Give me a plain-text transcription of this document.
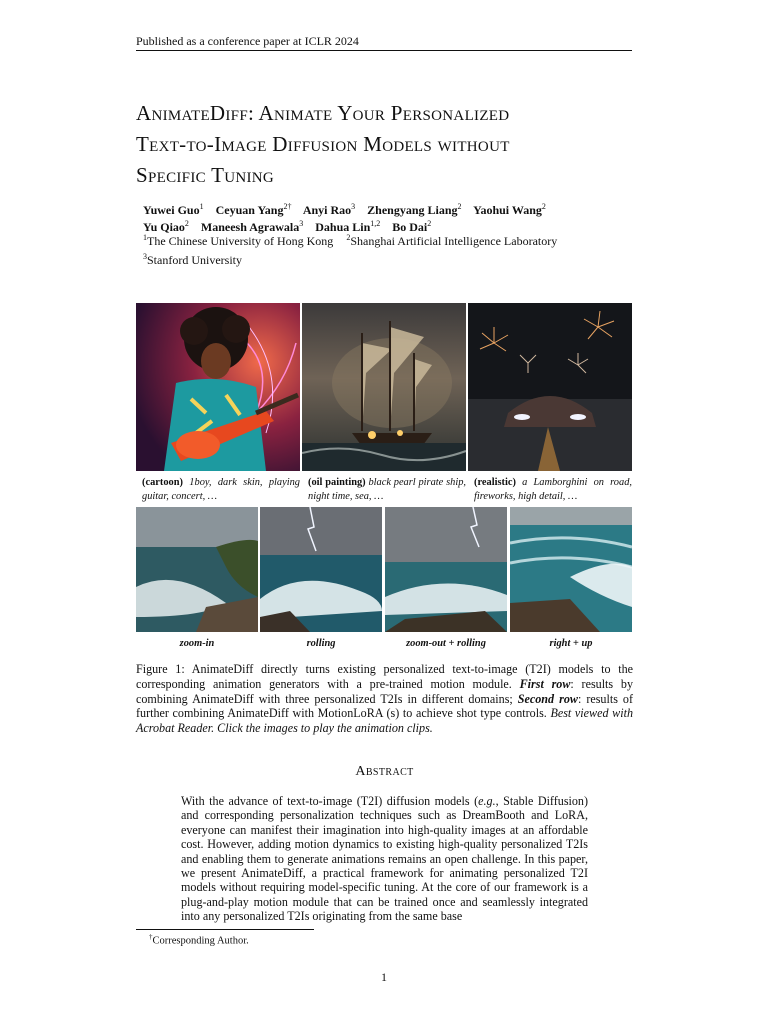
Published as a conference paper at ICLR 2024
AnimateDiff: Animate Your Personalized
Text-to-Image Diffusion Models without
Specific Tuning
Yuwei Guo$^1$ Ceyuan Yang$^{2\dagger}$ Anyi Rao$^3$ Zhengyang Liang$^2$ Yaohui Wang$^2$
Yu Qiao$^2$ Maneesh Agrawala$^3$ Dahua Lin$^{1,2}$ Bo Dai$^2$
$^1$The Chinese University of Hong Kong $^2$Shanghai Artificial Intelligence Laboratory
$^3$Stanford University
(cartoon) 1boy, dark skin, playing guitar, concert, …
(oil painting) black pearl pirate ship, night time, sea, …
(realistic) a Lamborghini on road, fireworks, high detail, …
zoom-in	rolling	zoom-out + rolling	right + up
Figure 1: AnimateDiff directly turns existing personalized text-to-image (T2I) models to the corresponding animation generators with a pre-trained motion module. First row: results by combining AnimateDiff with three personalized T2Is in different domains; Second row: results of further combining AnimateDiff with MotionLoRA (s) to achieve shot type controls. Best viewed with Acrobat Reader. Click the images to play the animation clips.
Abstract
With the advance of text-to-image (T2I) diffusion models (e.g., Stable Diffusion) and corresponding personalization techniques such as DreamBooth and LoRA, everyone can manifest their imagination into high-quality images at an affordable cost. However, adding motion dynamics to existing high-quality personalized T2Is and enabling them to generate animations remains an open challenge. In this paper, we present AnimateDiff, a practical framework for animating personalized T2I models without requiring model-specific tuning. At the core of our framework is a plug-and-play motion module that can be trained once and seamlessly integrated into any personalized T2Is originating from the same base
†Corresponding Author.
1
